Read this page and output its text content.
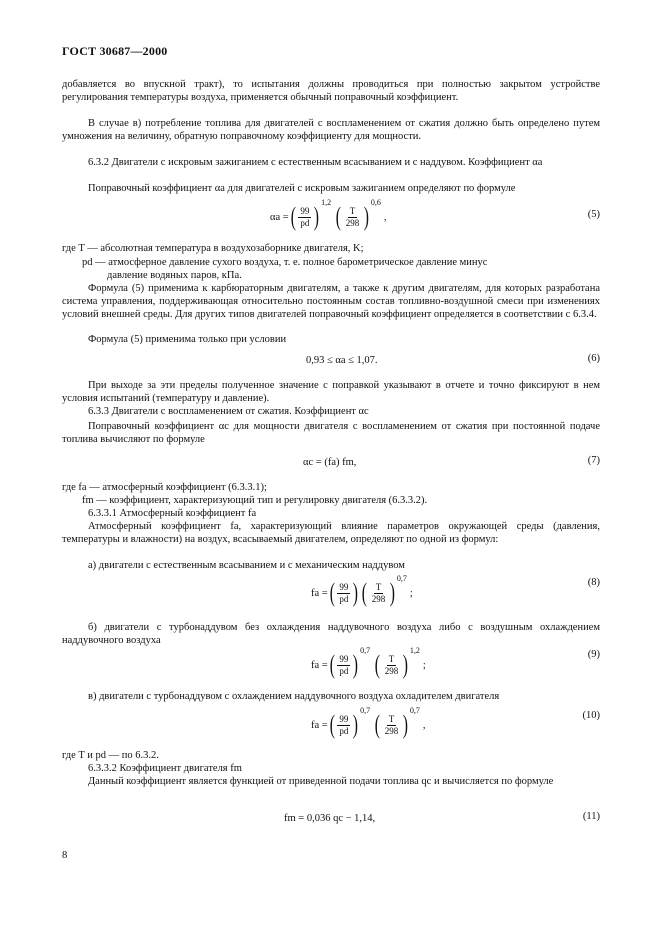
ГОСТ 30687—2000

добавляется во впускной тракт), то испытания должны проводиться при полностью закрытом устройстве регулирования температуры воздуха, применяется обычный поправочный коэффициент.

В случае в) потребление топлива для двигателей с воспламенением от сжатия должно быть определено путем умножения на величину, обратную поправочному коэффициенту для мощности.

6.3.2 Двигатели с искровым зажиганием с естественным всасыванием и с наддувом. Коэффициент αa

Поправочный коэффициент αa для двигателей с искровым зажиганием определяют по формуле

αa = ( $\frac{99}{pd}$ ) 1,2 ( $\frac{T}{298}$ ) 0,6
,	(5)

где T — абсолютная температура в воздухозаборнике двигателя, K;

pd — атмосферное давление сухого воздуха, т. е. полное барометрическое давление минус

давление водяных паров, кПа.

Формула (5) применима к карбюраторным двигателям, а также к другим двигателям, для которых разработана система управления, поддерживающая относительно постоянным состав топливно-воздушной смеси при изменениях условий внешней среды. Для других типов двигателей поправочный коэффициент определяется в соответствии с 6.3.4.

Формула (5) применима только при условии

0,93 ≤ αa ≤ 1,07.	(6)

При выходе за эти пределы полученное значение с поправкой указывают в отчете и точно фиксируют в нем условия испытаний (температуру и давление).

6.3.3 Двигатели с воспламенением от сжатия. Коэффициент αc

Поправочный коэффициент αc для мощности двигателя с воспламенением от сжатия при постоянной подаче топлива вычисляют по формуле

αc = (fa) fm,	(7)

где fa — атмосферный коэффициент (6.3.3.1);

fm — коэффициент, характеризующий тип и регулировку двигателя (6.3.3.2).

6.3.3.1 Атмосферный коэффициент fa

Атмосферный коэффициент fa, характеризующий влияние параметров окружающей среды (давления, температуры и влажности) на воздух, всасываемый двигателем, определяют по одной из формул:

а) двигатели с естественным всасыванием и с механическим наддувом

fa = ( $\frac{99}{pd}$ ) ( $\frac{T}{298}$ ) 0,7
;
(8)

б) двигатели с турбонаддувом без охлаждения наддувочного воздуха либо с воздушным охлаждением наддувочного воздуха

fa = ( $\frac{99}{pd}$ ) 0,7 ( $\frac{T}{298}$ ) 1,2
;
(9)

в) двигатели с турбонаддувом с охлаждением наддувочного воздуха охладителем двигателя

fa = ( $\frac{99}{pd}$ ) 0,7 ( $\frac{T}{298}$ ) 0,7
,
(10)

где T и pd — по 6.3.2.

6.3.3.2 Коэффициент двигателя fm

Данный коэффициент является функцией от приведенной подачи топлива qc и вычисляется по формуле

fm = 0,036 qc − 1,14,	(11)
8
